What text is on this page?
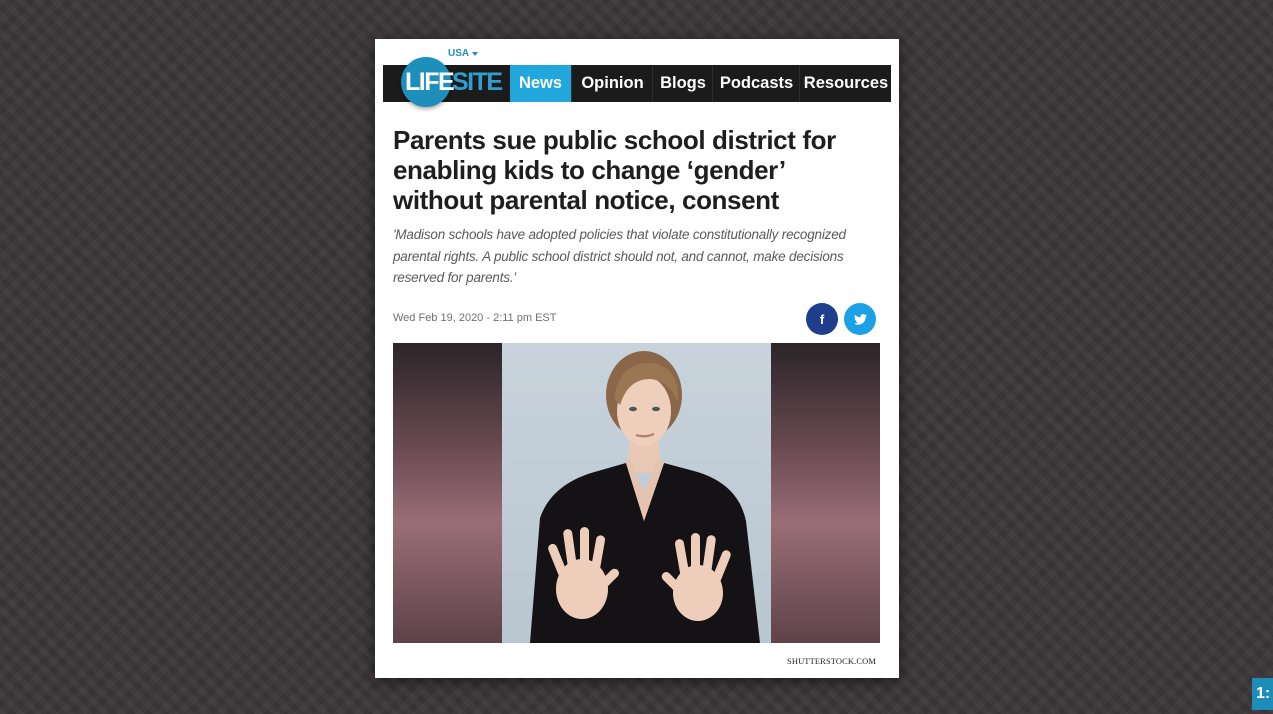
USA
LIFE
SITE	News	Opinion Blogs Podcasts Resources
Parents sue public school district for enabling kids to change ‘gender’ without parental notice, consent

'Madison schools have adopted policies that violate constitutionally recognized parental rights. A public school district should not, and cannot, make decisions reserved for parents.'

Wed Feb 19, 2020 - 2:11 pm EST	f
SHUTTERSTOCK.COM
1:
